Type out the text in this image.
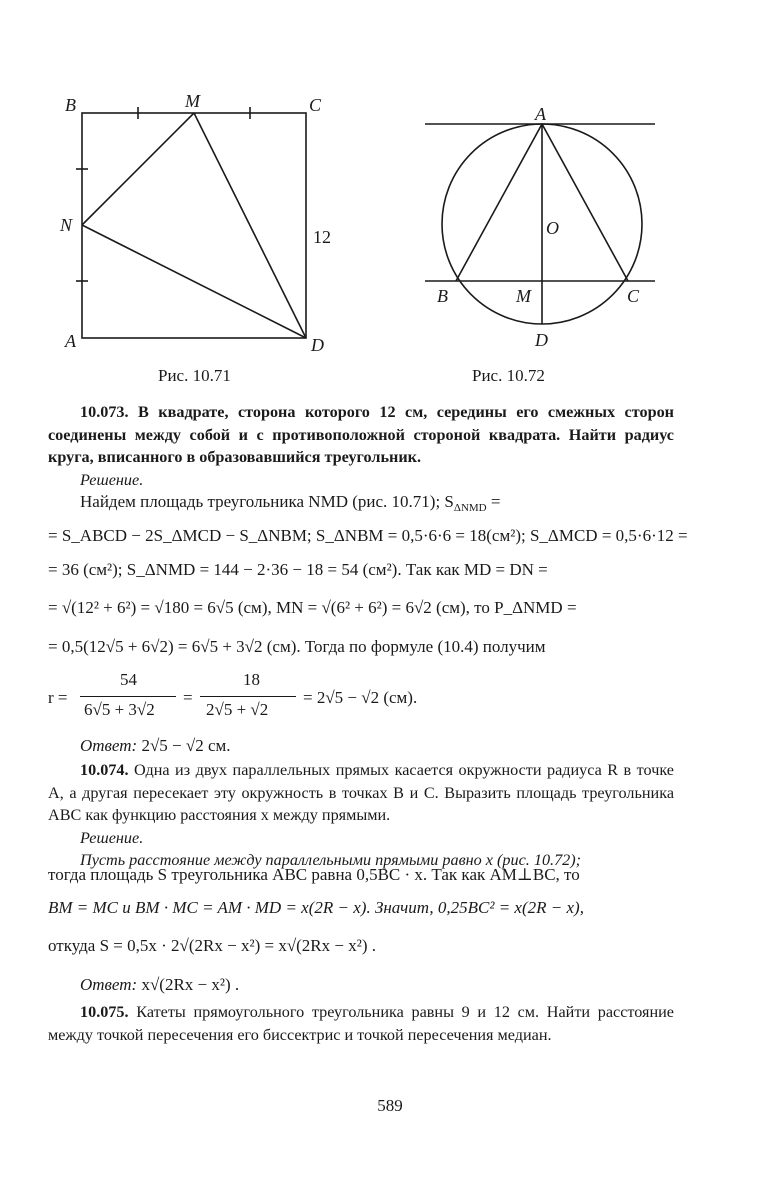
B	M	C
N
A	D
12
Рис. 10.71
A
O
B	M	C
D
Рис. 10.72

10.073. В квадрате, сторона которого 12 см, середины его смежных сторон соединены между собой и с противоположной стороной квадрата. Найти радиус круга, вписанного в образовавшийся треугольник.

Решение.

Найдем площадь треугольника NMD (рис. 10.71); $S_{\Delta NMD}$ =
= S_ABCD − 2S_ΔMCD − S_ΔNBM; S_ΔNBM = 0,5·6·6 = 18(см²); S_ΔMCD = 0,5·6·12 =
= 36 (см²); S_ΔNMD = 144 − 2·36 − 18 = 54 (см²). Так как MD = DN =
= √(12² + 6²) = √180 = 6√5 (см), MN = √(6² + 6²) = 6√2 (см), то P_ΔNMD =
= 0,5(12√5 + 6√2) = 6√5 + 3√2 (см). Тогда по формуле (10.4) получим
r =
54
6√5 + 3√2
=
18
2√5 + √2
= 2√5 − √2 (см).
Ответ: 2√5 − √2 см.

10.074. Одна из двух параллельных прямых касается окружности радиуса R в точке A, а другая пересекает эту окружность в точках B и C. Выразить площадь треугольника ABC как функцию расстояния x между прямыми.

Решение.

Пусть расстояние между параллельными прямыми равно x (рис. 10.72);

тогда площадь S треугольника ABC равна 0,5BC · x. Так как AM⊥BC, то
BM = MC и BM · MC = AM · MD = x(2R − x). Значит, 0,25BC² = x(2R − x),
откуда S = 0,5x · 2√(2Rx − x²) = x√(2Rx − x²) .
Ответ: x√(2Rx − x²) .

10.075. Катеты прямоугольного треугольника равны 9 и 12 см. Найти расстояние между точкой пересечения его биссектрис и точкой пересечения медиан.

589
